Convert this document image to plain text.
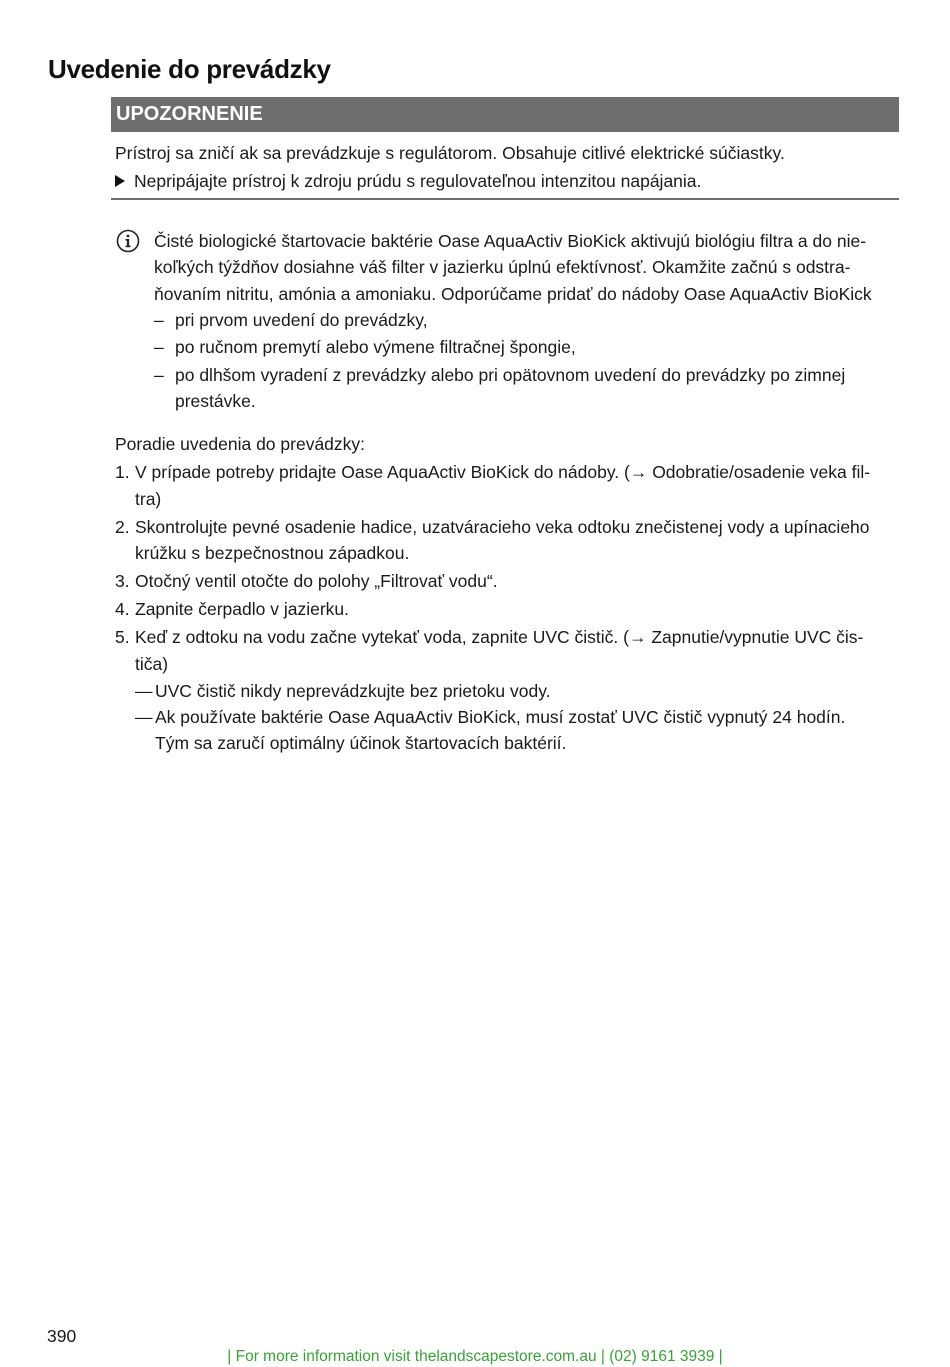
Uvedenie do prevádzky
UPOZORNENIE
Prístroj sa zničí ak sa prevádzkuje s regulátorom. Obsahuje citlivé elektrické súčiastky.
Nepripájajte prístroj k zdroju prúdu s regulovateľnou intenzitou napájania.
Čisté biologické štartovacie baktérie Oase AquaActiv BioKick aktivujú biológiu filtra a do nie-
koľkých týždňov dosiahne váš filter v jazierku úplnú efektívnosť. Okamžite začnú s odstra-
ňovaním nitritu, amónia a amoniaku. Odporúčame pridať do nádoby Oase AquaActiv BioKick
– pri prvom uvedení do prevádzky,
– po ručnom premytí alebo výmene filtračnej špongie,
– po dlhšom vyradení z prevádzky alebo pri opätovnom uvedení do prevádzky po zimnej
prestávke.
Poradie uvedenia do prevádzky:
1. V prípade potreby pridajte Oase AquaActiv BioKick do nádoby. (→ Odobratie/osadenie veka fil-
tra)
2. Skontrolujte pevné osadenie hadice, uzatváracieho veka odtoku znečistenej vody a upínacieho
krúžku s bezpečnostnou západkou.
3. Otočný ventil otočte do polohy „Filtrovať vodu“.
4. Zapnite čerpadlo v jazierku.
5. Keď z odtoku na vodu začne vytekať voda, zapnite UVC čistič. (→ Zapnutie/vypnutie UVC čis-
tiča)
— UVC čistič nikdy neprevádzkujte bez prietoku vody.
— Ak používate baktérie Oase AquaActiv BioKick, musí zostať UVC čistič vypnutý 24 hodín.
Tým sa zaručí optimálny účinok štartovacích baktérií.
390
| For more information visit thelandscapestore.com.au | (02) 9161 3939 |
